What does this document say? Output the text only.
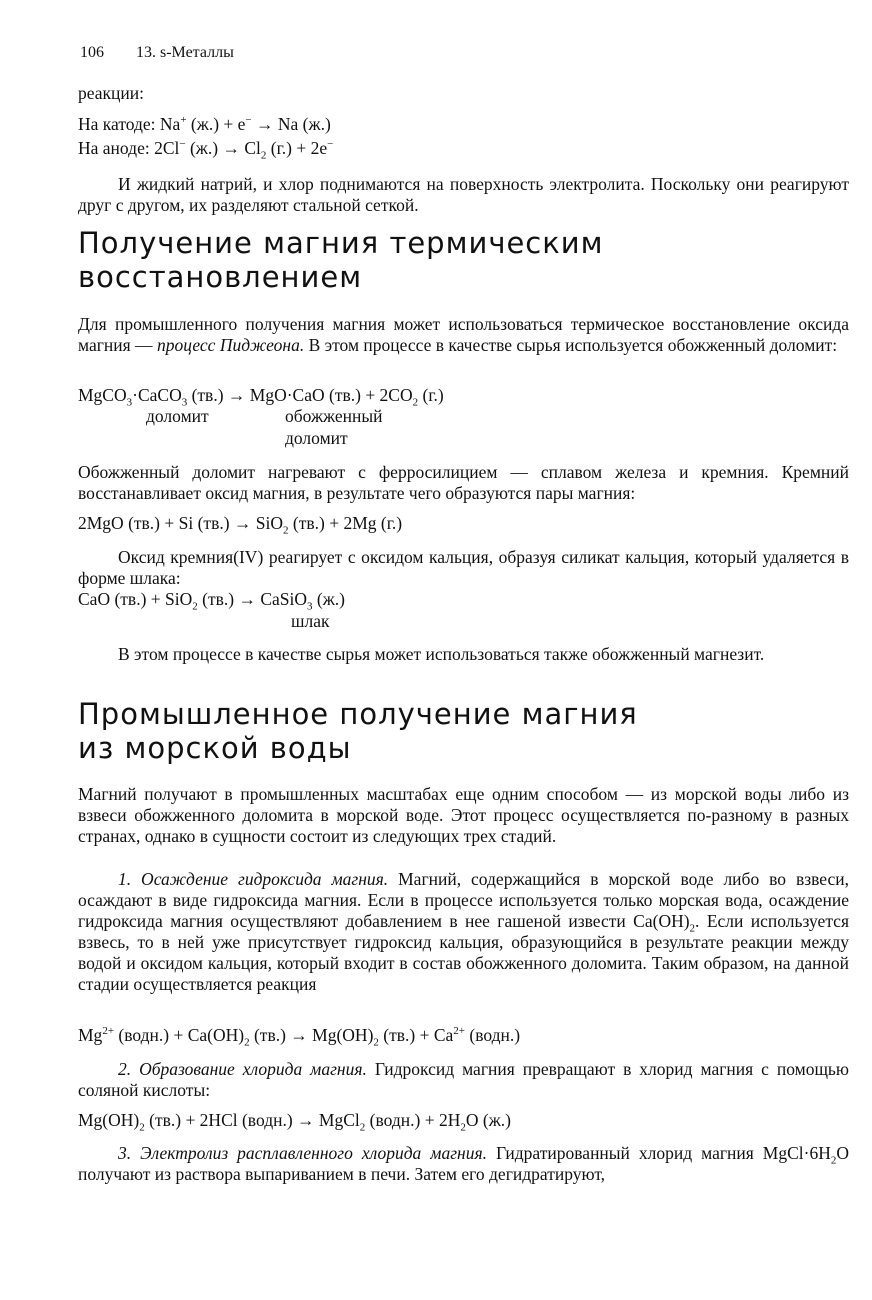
106 13. s-Металлы
реакции:
На катоде: Na+ (ж.) + e− → Na (ж.)
На аноде: 2Cl− $(ж.) \to Cl_2$ (г.) + 2e−

И жидкий натрий, и хлор поднимаются на поверхность электролита. Поскольку они реагируют друг с другом, их разделяют стальной сеткой.

Получение магния термическим
восстановлением

Для промышленного получения магния может использоваться термическое восстановление оксида магния — процесс Пиджеона. В этом процессе в качестве сырья используется обожженный доломит:

MgCO$_3$·CaCO$_3$ (тв.) → MgO·CaO $(тв.) + 2CO_2$ (г.)
доломит	обожженный
доломит

Обожженный доломит нагревают с ферросилицием — сплавом железа и кремния. Кремний восстанавливает оксид магния, в результате чего образуются пары магния:

2MgO (тв.) + Si (тв.) → SiO$_2$ (тв.) + 2Mg (г.)

Оксид кремния(IV) реагирует с оксидом кальция, образуя силикат кальция, который удаляется в форме шлака:

CaO (тв.) + SiO$_2$ (тв.) → CaSiO$_3$ (ж.)
шлак

В этом процессе в качестве сырья может использоваться также обожженный магнезит.

Промышленное получение магния
из морской воды

Магний получают в промышленных масштабах еще одним способом — из морской воды либо из взвеси обожженного доломита в морской воде. Этот процесс осуществляется по-разному в разных странах, однако в сущности состоит из следующих трех стадий.

1. Осаждение гидроксида магния. Магний, содержащийся в морской воде либо во взвеси, осаждают в виде гидроксида магния. Если в процессе используется только морская вода, осаждение гидроксида магния осуществляют добавлением в нее гашеной извести $Ca(OH)_2$. Если используется взвесь, то в ней уже присутствует гидроксид кальция, образующийся в результате реакции между водой и оксидом кальция, который входит в состав обожженного доломита. Таким образом, на данной стадии осуществляется реакция

$Mg^{2+}$ (водн.) + $Ca(OH)_2$ $(тв.) \to Mg(OH)_2$ $(тв.) + Ca^{2+}$ (водн.)

2. Образование хлорида магния. Гидроксид магния превращают в хлорид магния с помощью соляной кислоты:

$Mg(OH)_2$ (тв.) + 2HCl (водн.) → MgCl$_2$ (водн.) + $2H_2O$ (ж.)

3. Электролиз расплавленного хлорида магния. Гидратированный хлорид магния $MgCl\cdot 6H_2O$ получают из раствора выпариванием в печи. Затем его дегидратируют,
